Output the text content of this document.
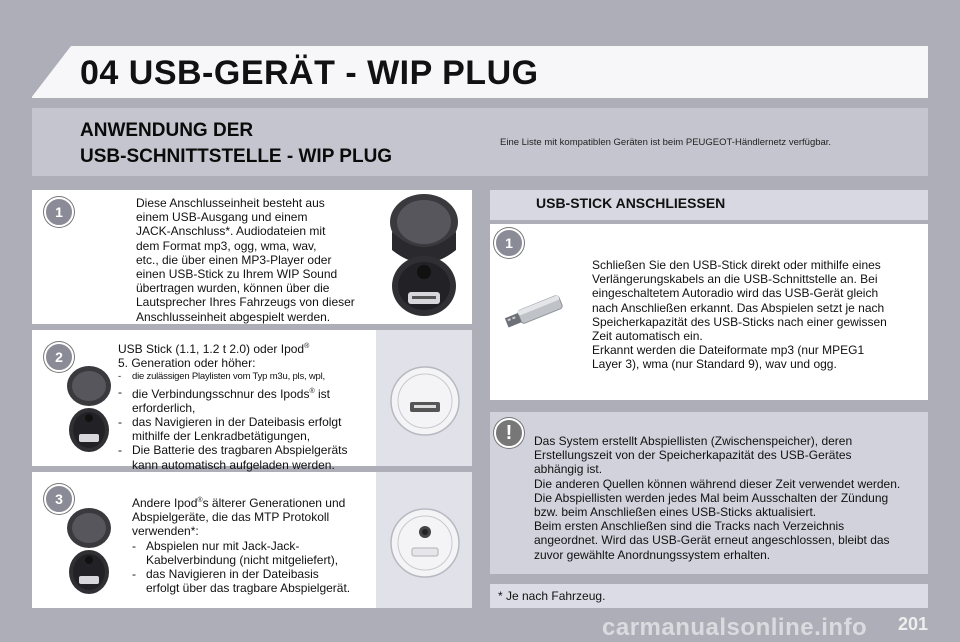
04 USB-GERÄT - WIP PLUG
ANWENDUNG DER
USB-SCHNITTSTELLE - WIP PLUG
Eine Liste mit kompatiblen Geräten ist beim PEUGEOT-Händlernetz verfügbar.
1

Diese Anschlusseinheit besteht aus

einem USB-Ausgang und einem

JACK-Anschluss*. Audiodateien mit

dem Format mp3, ogg, wma, wav,

etc., die über einen MP3-Player oder

einen USB-Stick zu Ihrem WIP Sound

übertragen wurden, können über die

Lautsprecher Ihres Fahrzeugs von dieser

Anschlusseinheit abgespielt werden.

2	USB Stick (1.1, 1.2 t 2.0) oder Ipod®

5. Generation oder höher:

- die zulässigen Playlisten vom Typ m3u, pls, wpl,
- die Verbindungsschnur des Ipods® ist
erforderlich,
- das Navigieren in der Dateibasis erfolgt
mithilfe der Lenkradbetätigungen,
- Die Batterie des tragbaren Abspielgeräts
kann automatisch aufgeladen werden.
3	Andere Ipod®s älterer Generationen und

Abspielgeräte, die das MTP Protokoll

verwenden*:

- Abspielen nur mit Jack-Jack-
Kabelverbindung (nicht mitgeliefert),
- das Navigieren in der Dateibasis
erfolgt über das tragbare Abspielgerät.
USB-STICK ANSCHLIESSEN
1

Schließen Sie den USB-Stick direkt oder mithilfe eines

Verlängerungskabels an die USB-Schnittstelle an. Bei

eingeschaltetem Autoradio wird das USB-Gerät gleich

nach Anschließen erkannt. Das Abspielen setzt je nach

Speicherkapazität des USB-Sticks nach einer gewissen

Zeit automatisch ein.

Erkannt werden die Dateiformate mp3 (nur MPEG1

Layer 3), wma (nur Standard 9), wav und ogg.

!	Das System erstellt Abspiellisten (Zwischenspeicher), deren

Erstellungszeit von der Speicherkapazität des USB-Gerätes

abhängig ist.

Die anderen Quellen können während dieser Zeit verwendet werden.

Die Abspiellisten werden jedes Mal beim Ausschalten der Zündung

bzw. beim Anschließen eines USB-Sticks aktualisiert.

Beim ersten Anschließen sind die Tracks nach Verzeichnis

angeordnet. Wird das USB-Gerät erneut angeschlossen, bleibt das

zuvor gewählte Anordnungssystem erhalten.

* Je nach Fahrzeug.
carmanualsonline.info 201
